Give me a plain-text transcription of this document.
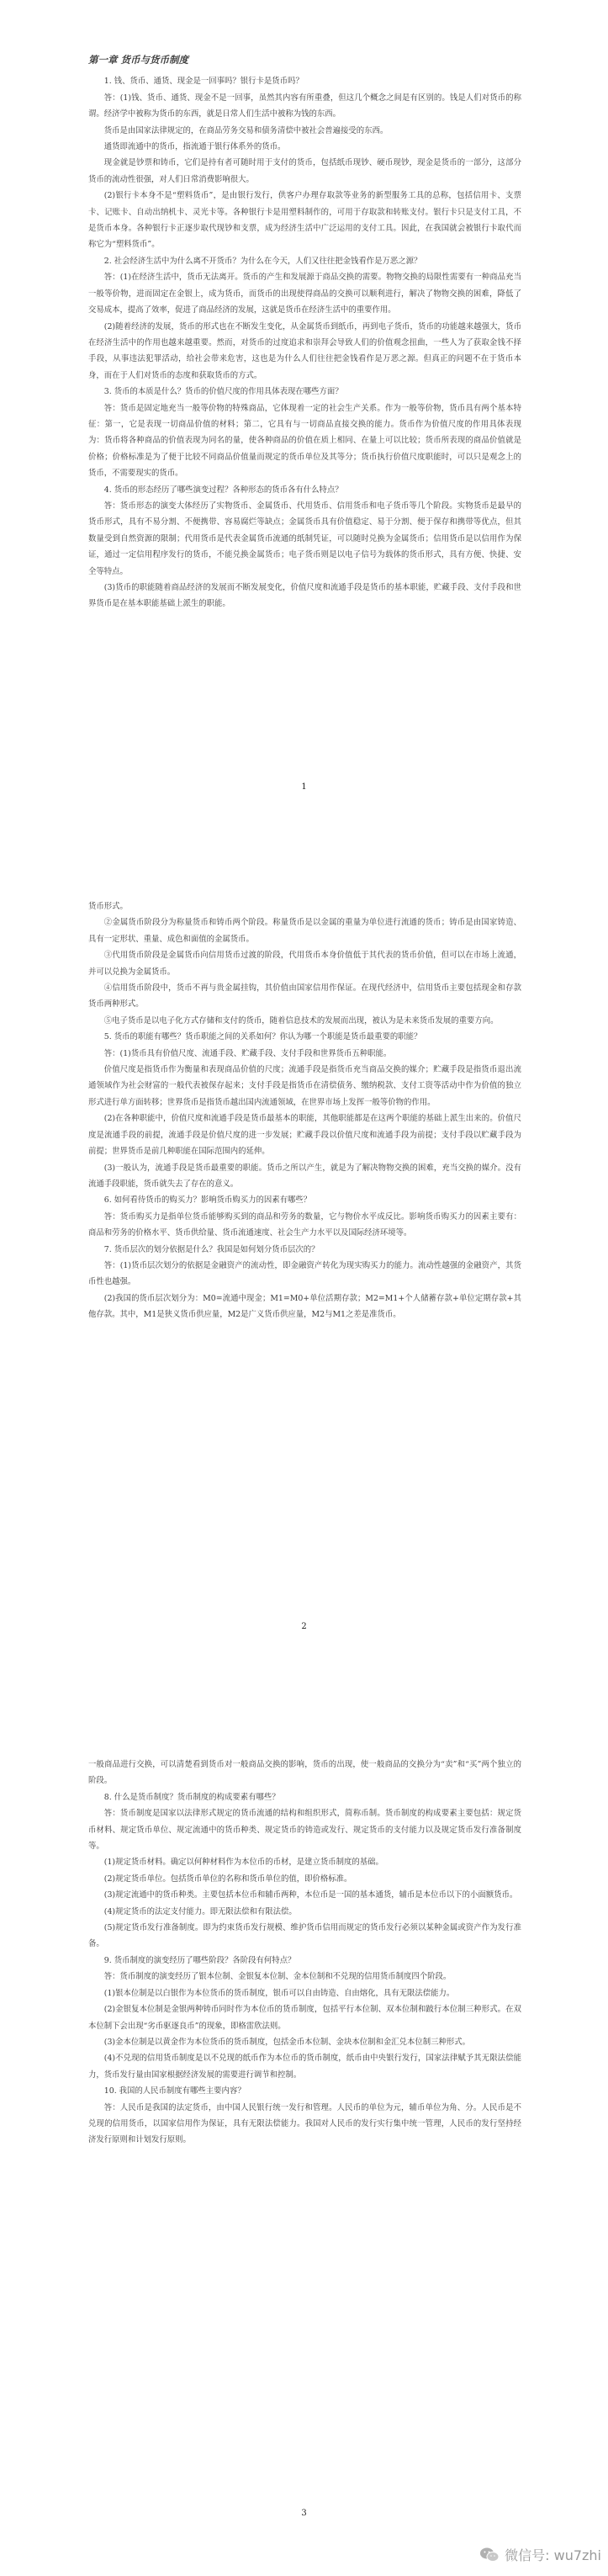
第一章 货币与货币制度

1. 钱、货币、通货、现金是一回事吗？银行卡是货币吗？

答：(1)钱、货币、通货、现金不是一回事，虽然其内容有所重叠，但这几个概念之间是有区别的。钱是人们对货币的称谓。经济学中被称为货币的东西，就是日常人们生活中被称为钱的东西。

货币是由国家法律规定的，在商品劳务交易和债务清偿中被社会普遍接受的东西。

通货即流通中的货币，指流通于银行体系外的货币。

现金就是钞票和铸币，它们是持有者可随时用于支付的货币，包括纸币现钞、硬币现钞，现金是货币的一部分，这部分货币的流动性很强，对人们日常消费影响很大。

(2)银行卡本身不是“塑料货币”，是由银行发行，供客户办理存取款等业务的新型服务工具的总称，包括信用卡、支票卡、记账卡、自动出纳机卡、灵光卡等。各种银行卡是用塑料制作的，可用于存取款和转账支付。银行卡只是支付工具，不是货币本身。各种银行卡正逐步取代现钞和支票，成为经济生活中广泛运用的支付工具。因此，在我国就会被银行卡取代而称它为“塑料货币”。

2. 社会经济生活中为什么离不开货币？为什么在今天，人们又往往把金钱看作是万恶之源？

答：(1)在经济生活中，货币无法离开。货币的产生和发展源于商品交换的需要。物物交换的局限性需要有一种商品充当一般等价物，进而固定在金银上，成为货币，而货币的出现使得商品的交换可以顺利进行，解决了物物交换的困难，降低了交易成本，提高了效率，促进了商品经济的发展，这就是货币在经济生活中的重要作用。

(2)随着经济的发展，货币的形式也在不断发生变化，从金属货币到纸币，再到电子货币，货币的功能越来越强大，货币在经济生活中的作用也越来越重要。然而，对货币的过度追求和崇拜会导致人们的价值观念扭曲，一些人为了获取金钱不择手段，从事违法犯罪活动，给社会带来危害，这也是为什么人们往往把金钱看作是万恶之源。但真正的问题不在于货币本身，而在于人们对货币的态度和获取货币的方式。

3. 货币的本质是什么？货币的价值尺度的作用具体表现在哪些方面？

答：货币是固定地充当一般等价物的特殊商品，它体现着一定的社会生产关系。作为一般等价物，货币具有两个基本特征：第一，它是表现一切商品价值的材料；第二，它具有与一切商品直接交换的能力。货币作为价值尺度的作用具体表现为：货币将各种商品的价值表现为同名的量，使各种商品的价值在质上相同、在量上可以比较；货币所表现的商品价值就是价格；价格标准是为了便于比较不同商品价值量而规定的货币单位及其等分；货币执行价值尺度职能时，可以只是观念上的货币，不需要现实的货币。

4. 货币的形态经历了哪些演变过程？各种形态的货币各有什么特点？

答：货币形态的演变大体经历了实物货币、金属货币、代用货币、信用货币和电子货币等几个阶段。实物货币是最早的货币形式，具有不易分割、不便携带、容易腐烂等缺点；金属货币具有价值稳定、易于分割、便于保存和携带等优点，但其数量受到自然资源的限制；代用货币是代表金属货币流通的纸制凭证，可以随时兑换为金属货币；信用货币是以信用作为保证，通过一定信用程序发行的货币，不能兑换金属货币；电子货币则是以电子信号为载体的货币形式，具有方便、快捷、安全等特点。

(3)货币的职能随着商品经济的发展而不断发展变化，价值尺度和流通手段是货币的基本职能，贮藏手段、支付手段和世界货币是在基本职能基础上派生的职能。

1

货币形式。

②金属货币阶段分为称量货币和铸币两个阶段。称量货币是以金属的重量为单位进行流通的货币；铸币是由国家铸造、具有一定形状、重量、成色和面值的金属货币。

③代用货币阶段是金属货币向信用货币过渡的阶段，代用货币本身价值低于其代表的货币价值，但可以在市场上流通，并可以兑换为金属货币。

④信用货币阶段中，货币不再与贵金属挂钩，其价值由国家信用作保证。在现代经济中，信用货币主要包括现金和存款货币两种形式。

⑤电子货币是以电子化方式存储和支付的货币，随着信息技术的发展而出现，被认为是未来货币发展的重要方向。

5. 货币的职能有哪些？货币职能之间的关系如何？你认为哪一个职能是货币最重要的职能？

答：(1)货币具有价值尺度、流通手段、贮藏手段、支付手段和世界货币五种职能。

价值尺度是指货币作为衡量和表现商品价值的尺度；流通手段是指货币充当商品交换的媒介；贮藏手段是指货币退出流通领域作为社会财富的一般代表被保存起来；支付手段是指货币在清偿债务、缴纳税款、支付工资等活动中作为价值的独立形式进行单方面转移；世界货币是指货币越出国内流通领域，在世界市场上发挥一般等价物的作用。

(2)在各种职能中，价值尺度和流通手段是货币最基本的职能，其他职能都是在这两个职能的基础上派生出来的。价值尺度是流通手段的前提，流通手段是价值尺度的进一步发展；贮藏手段以价值尺度和流通手段为前提；支付手段以贮藏手段为前提；世界货币是前几种职能在国际范围内的延伸。

(3)一般认为，流通手段是货币最重要的职能。货币之所以产生，就是为了解决物物交换的困难，充当交换的媒介。没有流通手段职能，货币就失去了存在的意义。

6. 如何看待货币的购买力？影响货币购买力的因素有哪些？

答：货币购买力是指单位货币能够购买到的商品和劳务的数量，它与物价水平成反比。影响货币购买力的因素主要有：商品和劳务的价格水平、货币供给量、货币流通速度、社会生产力水平以及国际经济环境等。

7. 货币层次的划分依据是什么？我国是如何划分货币层次的？

答：(1)货币层次划分的依据是金融资产的流动性，即金融资产转化为现实购买力的能力。流动性越强的金融资产，其货币性也越强。

(2)我国的货币层次划分为：M0=流通中现金；M1=M0+单位活期存款；M2=M1+个人储蓄存款+单位定期存款+其他存款。其中，M1是狭义货币供应量，M2是广义货币供应量，M2与M1之差是准货币。

2

一般商品进行交换，可以清楚看到货币对一般商品交换的影响，货币的出现，使一般商品的交换分为“卖”和“买”两个独立的阶段。

8. 什么是货币制度？货币制度的构成要素有哪些？

答：货币制度是国家以法律形式规定的货币流通的结构和组织形式，简称币制。货币制度的构成要素主要包括：规定货币材料、规定货币单位、规定流通中的货币种类、规定货币的铸造或发行、规定货币的支付能力以及规定货币发行准备制度等。

(1)规定货币材料。确定以何种材料作为本位币的币材，是建立货币制度的基础。

(2)规定货币单位。包括货币单位的名称和货币单位的值，即价格标准。

(3)规定流通中的货币种类。主要包括本位币和辅币两种，本位币是一国的基本通货，辅币是本位币以下的小面额货币。

(4)规定货币的法定支付能力。即无限法偿和有限法偿。

(5)规定货币发行准备制度。即为约束货币发行规模、维护货币信用而规定的货币发行必须以某种金属或资产作为发行准备。

9. 货币制度的演变经历了哪些阶段？各阶段有何特点？

答：货币制度的演变经历了银本位制、金银复本位制、金本位制和不兑现的信用货币制度四个阶段。

(1)银本位制是以白银作为本位货币的货币制度，银币可以自由铸造、自由熔化，具有无限法偿能力。

(2)金银复本位制是金银两种铸币同时作为本位币的货币制度，包括平行本位制、双本位制和跛行本位制三种形式。在双本位制下会出现“劣币驱逐良币”的现象，即格雷欣法则。

(3)金本位制是以黄金作为本位货币的货币制度，包括金币本位制、金块本位制和金汇兑本位制三种形式。

(4)不兑现的信用货币制度是以不兑现的纸币作为本位币的货币制度，纸币由中央银行发行，国家法律赋予其无限法偿能力，货币发行量由国家根据经济发展的需要进行调节和控制。

10. 我国的人民币制度有哪些主要内容？

答：人民币是我国的法定货币，由中国人民银行统一发行和管理。人民币的单位为元，辅币单位为角、分。人民币是不兑现的信用货币，以国家信用作为保证，具有无限法偿能力。我国对人民币的发行实行集中统一管理，人民币的发行坚持经济发行原则和计划发行原则。

3
微信号: wu7zhi
